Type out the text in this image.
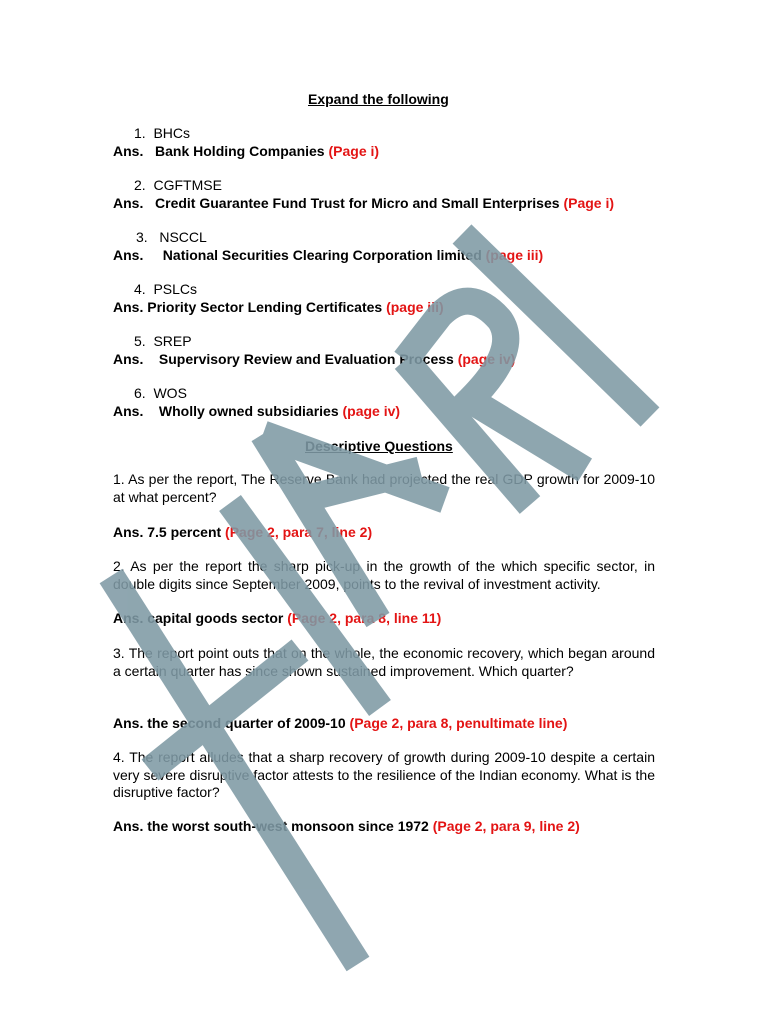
Expand the following
1. BHCs
Ans. Bank Holding Companies (Page i)
2. CGFTMSE
Ans. Credit Guarantee Fund Trust for Micro and Small Enterprises (Page i)
3. NSCCL
Ans. National Securities Clearing Corporation limited (page iii)
4. PSLCs
Ans. Priority Sector Lending Certificates (page iii)
5. SREP
Ans. Supervisory Review and Evaluation Process (page iv)
6. WOS
Ans. Wholly owned subsidiaries (page iv)
Descriptive Questions
1. As per the report, The Reserve Bank had projected the real GDP growth for 2009-10 at what percent?
Ans. 7.5 percent (Page 2, para 7, line 2)
2. As per the report the sharp pick-up in the growth of the which specific sector, in double digits since September 2009, points to the revival of investment activity.
Ans. capital goods sector (Page 2, para 8, line 11)
3. The report point outs that on the whole, the economic recovery, which began around a certain quarter has since shown sustained improvement. Which quarter?
Ans. the second quarter of 2009-10 (Page 2, para 8, penultimate line)
4. The report alludes that a sharp recovery of growth during 2009-10 despite a certain very severe disruptive factor attests to the resilience of the Indian economy. What is the disruptive factor?
Ans. the worst south-west monsoon since 1972 (Page 2, para 9, line 2)
